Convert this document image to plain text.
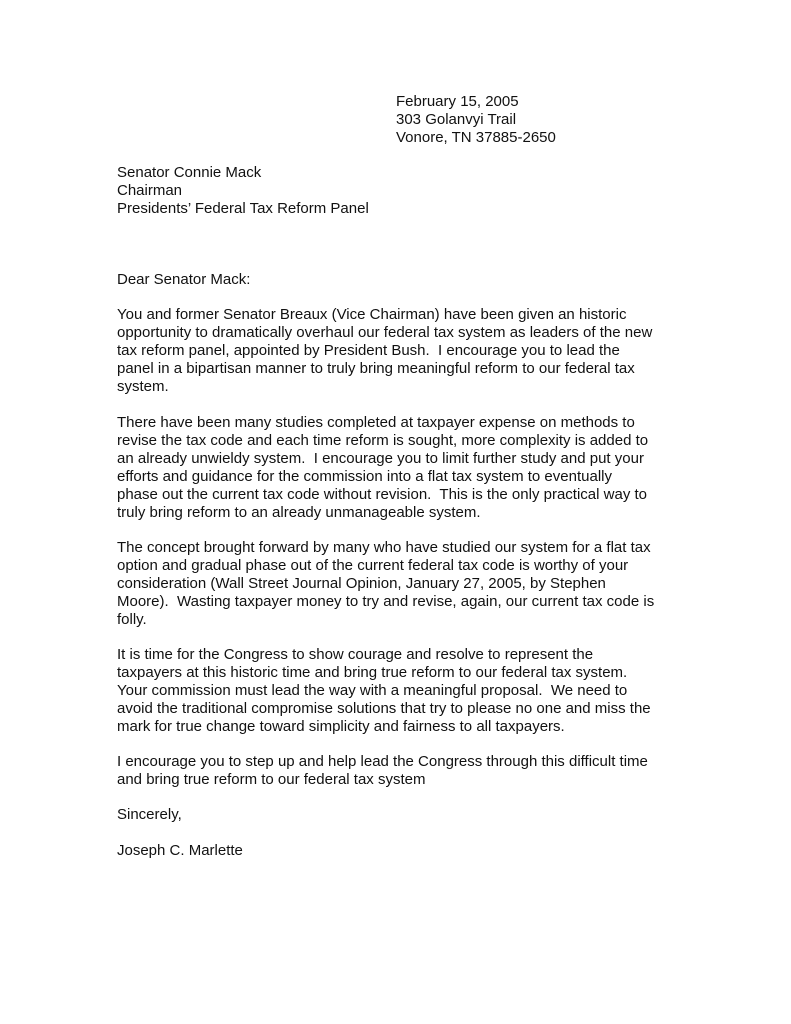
February 15, 2005
303 Golanvyi Trail
Vonore, TN 37885-2650
Senator Connie Mack
Chairman
Presidents’ Federal Tax Reform Panel
Dear Senator Mack:
You and former Senator Breaux (Vice Chairman) have been given an historic
opportunity to dramatically overhaul our federal tax system as leaders of the new
tax reform panel, appointed by President Bush.  I encourage you to lead the
panel in a bipartisan manner to truly bring meaningful reform to our federal tax
system.
There have been many studies completed at taxpayer expense on methods to
revise the tax code and each time reform is sought, more complexity is added to
an already unwieldy system.  I encourage you to limit further study and put your
efforts and guidance for the commission into a flat tax system to eventually
phase out the current tax code without revision.  This is the only practical way to
truly bring reform to an already unmanageable system.
The concept brought forward by many who have studied our system for a flat tax
option and gradual phase out of the current federal tax code is worthy of your
consideration (Wall Street Journal Opinion, January 27, 2005, by Stephen
Moore).  Wasting taxpayer money to try and revise, again, our current tax code is
folly.
It is time for the Congress to show courage and resolve to represent the
taxpayers at this historic time and bring true reform to our federal tax system.
Your commission must lead the way with a meaningful proposal.  We need to
avoid the traditional compromise solutions that try to please no one and miss the
mark for true change toward simplicity and fairness to all taxpayers.
I encourage you to step up and help lead the Congress through this difficult time
and bring true reform to our federal tax system
Sincerely,
Joseph C. Marlette
